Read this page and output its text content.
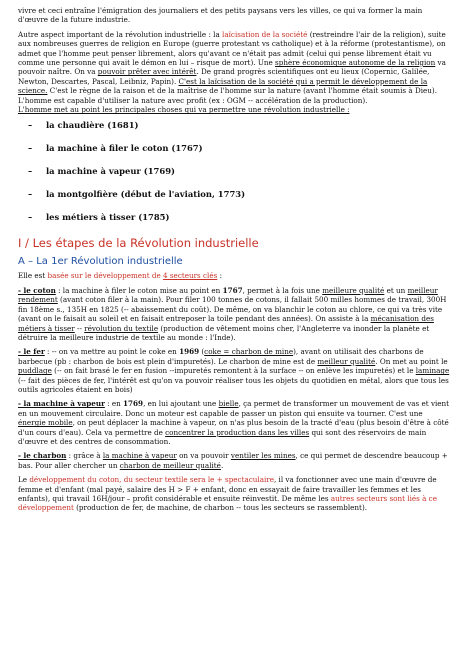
vivre et ceci entraîne l'émigration des journaliers et des petits paysans vers les villes, ce qui va former la main d'œuvre de la future industrie.

Autre aspect important de la révolution industrielle : la laïcisation de la société (restreindre l'air de la religion), suite aux nombreuses guerres de religion en Europe (guerre protestant vs catholique) et à la réforme (protestantisme), on admet que l'homme peut penser librement, alors qu'avant ce n'était pas admit (celui qui pense librement était vu comme une personne qui avait le démon en lui – risque de mort). Une sphère économique autonome de la religion va pouvoir naître. On va pouvoir prêter avec intérêt. De grand progrès scientifiques ont eu lieux (Copernic, Galilée, Newton, Descartes, Pascal, Leibniz, Papin). C'est la laïcisation de la société qui a permit le développement de la science. C'est le règne de la raison et de la maîtrise de l'homme sur la nature (avant l'homme était soumis à Dieu). L'homme est capable d'utiliser la nature avec profit (ex : OGM -- accélération de la production).
L'homme met au point les principales choses qui va permettre une révolution industrielle :

– la chaudière (1681)
– la machine à filer le coton (1767)
– la machine à vapeur (1769)
– la montgolfière (début de l'aviation, 1773)
– les métiers à tisser (1785)
I / Les étapes de la Révolution industrielle
A – La 1er Révolution industrielle

Elle est basée sur le développement de 4 secteurs clés :

- le coton : la machine à filer le coton mise au point en 1767, permet à la fois une meilleure qualité et un meilleur rendement (avant coton filer à la main). Pour filer 100 tonnes de cotons, il fallait 500 milles hommes de travail, 300H fin 18ème s., 135H en 1825 (-- abaissement du coût). De même, on va blanchir le coton au chlore, ce qui va très vite (avant on le faisait au soleil et en faisait entreposer la toile pendant des années). On assiste à la mécanisation des métiers à tisser -- révolution du textile (production de vêtement moins cher, l'Angleterre va inonder la planète et détruire la meilleure industrie de textile au monde : l'Inde).

- le fer : -- on va mettre au point le coke en 1969 (coke = charbon de mine), avant on utilisait des charbons de barbecue (pb : charbon de bois est plein d'impuretés). Le charbon de mine est de meilleur qualité. On met au point le puddlage (-- on fait brasé le fer en fusion --impuretés remontent à la surface -- on enlève les impuretés) et le laminage (-- fait des pièces de fer, l'intérêt est qu'on va pouvoir réaliser tous les objets du quotidien en métal, alors que tous les outils agricoles étaient en bois)

- la machine à vapeur : en 1769, en lui ajoutant une bielle, ça permet de transformer un mouvement de vas et vient en un mouvement circulaire. Donc un moteur est capable de passer un piston qui ensuite va tourner. C'est une énergie mobile, on peut déplacer la machine à vapeur, on n'as plus besoin de la tracté d'eau (plus besoin d'être à côté d'un cours d'eau). Cela va permettre de concentrer la production dans les villes qui sont des réservoirs de main d'œuvre et des centres de consommation.

- le charbon : grâce à la machine à vapeur on va pouvoir ventiler les mines, ce qui permet de descendre beaucoup + bas. Pour aller chercher un charbon de meilleur qualité.

Le développement du coton, du secteur textile sera le + spectaculaire, il va fonctionner avec une main d'œuvre de femme et d'enfant (mal payé, salaire des H > F + enfant, donc en essayait de faire travailler les femmes et les enfants), qui travail 16H/jour – profit considérable et ensuite réinvestit. De même les autres secteurs sont liés à ce développement (production de fer, de machine, de charbon -- tous les secteurs se rassemblent).
